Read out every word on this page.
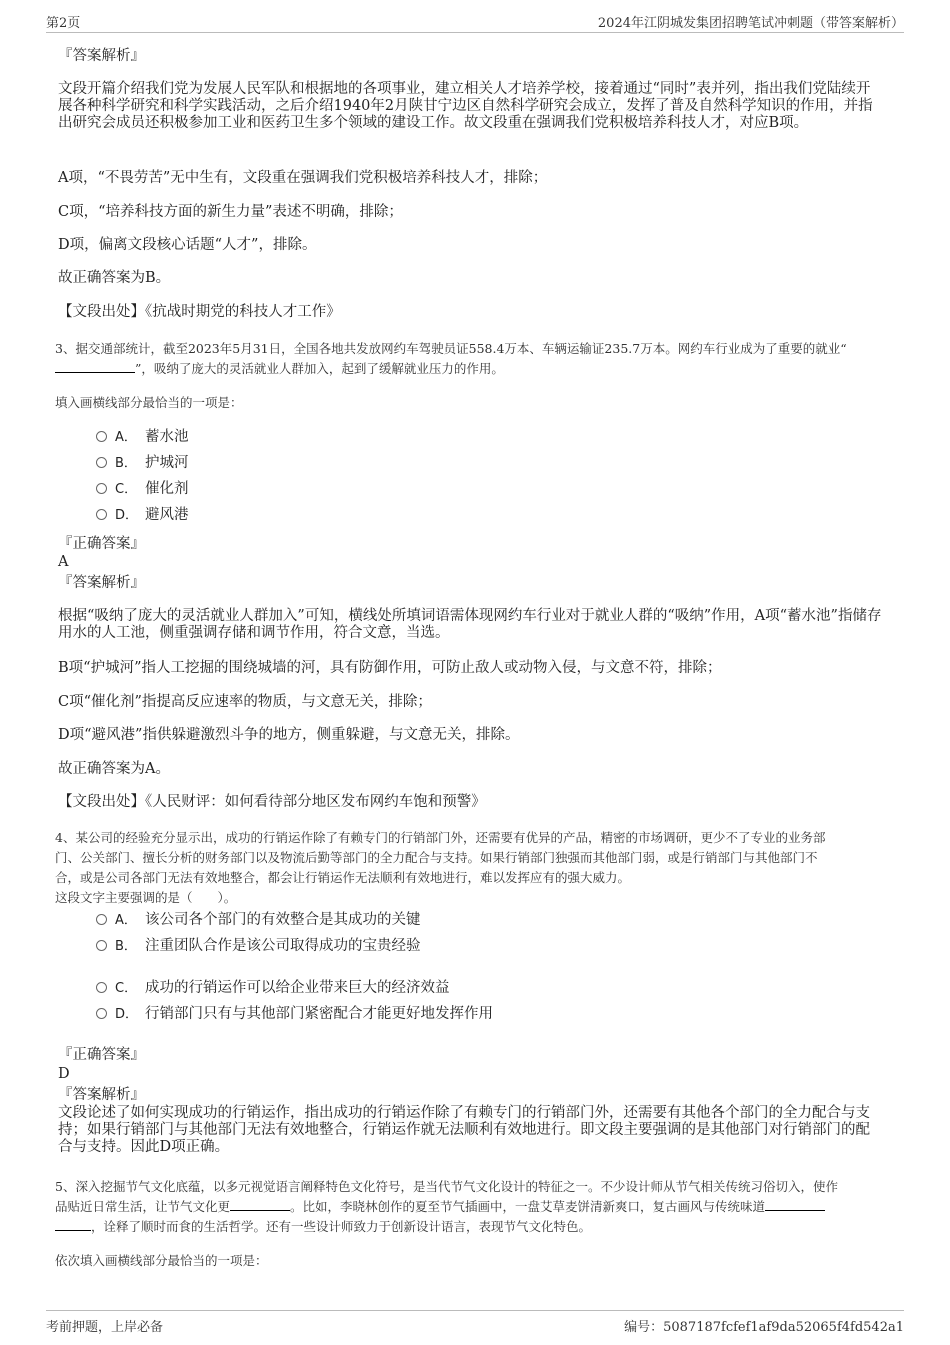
第2页	2024年江阴城发集团招聘笔试冲刺题（带答案解析）
『答案解析』
文段开篇介绍我们党为发展人民军队和根据地的各项事业，建立相关人才培养学校，接着通过“同时”表并列，指出我们党陆续开展各种科学研究和科学实践活动，之后介绍1940年2月陕甘宁边区自然科学研究会成立，发挥了普及自然科学知识的作用，并指出研究会成员还积极参加工业和医药卫生多个领域的建设工作。故文段重在强调我们党积极培养科技人才，对应B项。
A项，“不畏劳苦”无中生有，文段重在强调我们党积极培养科技人才，排除；
C项，“培养科技方面的新生力量”表述不明确，排除；
D项，偏离文段核心话题“人才”，排除。
故正确答案为B。
【文段出处】《抗战时期党的科技人才工作》
3、据交通部统计，截至2023年5月31日，全国各地共发放网约车驾驶员证558.4万本、车辆运输证235.7万本。网约车行业成为了重要的就业“
”，吸纳了庞大的灵活就业人群加入，起到了缓解就业压力的作用。
填入画横线部分最恰当的一项是：
A． 蓄水池
B． 护城河
C． 催化剂
D． 避风港
『正确答案』
A
『答案解析』
根据“吸纳了庞大的灵活就业人群加入”可知，横线处所填词语需体现网约车行业对于就业人群的“吸纳”作用，A项“蓄水池”指储存用水的人工池，侧重强调存储和调节作用，符合文意，当选。
B项“护城河”指人工挖掘的围绕城墙的河，具有防御作用，可防止敌人或动物入侵，与文意不符，排除；
C项“催化剂”指提高反应速率的物质，与文意无关，排除；
D项“避风港”指供躲避激烈斗争的地方，侧重躲避，与文意无关，排除。
故正确答案为A。
【文段出处】《人民财评：如何看待部分地区发布网约车饱和预警》
4、某公司的经验充分显示出，成功的行销运作除了有赖专门的行销部门外，还需要有优异的产品，精密的市场调研，更少不了专业的业务部
门、公关部门、擅长分析的财务部门以及物流后勤等部门的全力配合与支持。如果行销部门独强而其他部门弱，或是行销部门与其他部门不
合，或是公司各部门无法有效地整合，都会让行销运作无法顺利有效地进行，难以发挥应有的强大威力。
这段文字主要强调的是（　　）。
A． 该公司各个部门的有效整合是其成功的关键
B． 注重团队合作是该公司取得成功的宝贵经验
C． 成功的行销运作可以给企业带来巨大的经济效益
D． 行销部门只有与其他部门紧密配合才能更好地发挥作用
『正确答案』
D
『答案解析』
文段论述了如何实现成功的行销运作，指出成功的行销运作除了有赖专门的行销部门外，还需要有其他各个部门的全力配合与支持；如果行销部门与其他部门无法有效地整合，行销运作就无法顺利有效地进行。即文段主要强调的是其他部门对行销部门的配合与支持。因此D项正确。
5、深入挖掘节气文化底蕴，以多元视觉语言阐释特色文化符号，是当代节气文化设计的特征之一。不少设计师从节气相关传统习俗切入，使作
品贴近日常生活，让节气文化更	。比如，李晓林创作的夏至节气插画中，一盘艾草麦饼清新爽口，复古画风与传统味道
，诠释了顺时而食的生活哲学。还有一些设计师致力于创新设计语言，表现节气文化特色。
依次填入画横线部分最恰当的一项是：
考前押题，上岸必备	编号：5087187fcfef1af9da52065f4fd542a1
